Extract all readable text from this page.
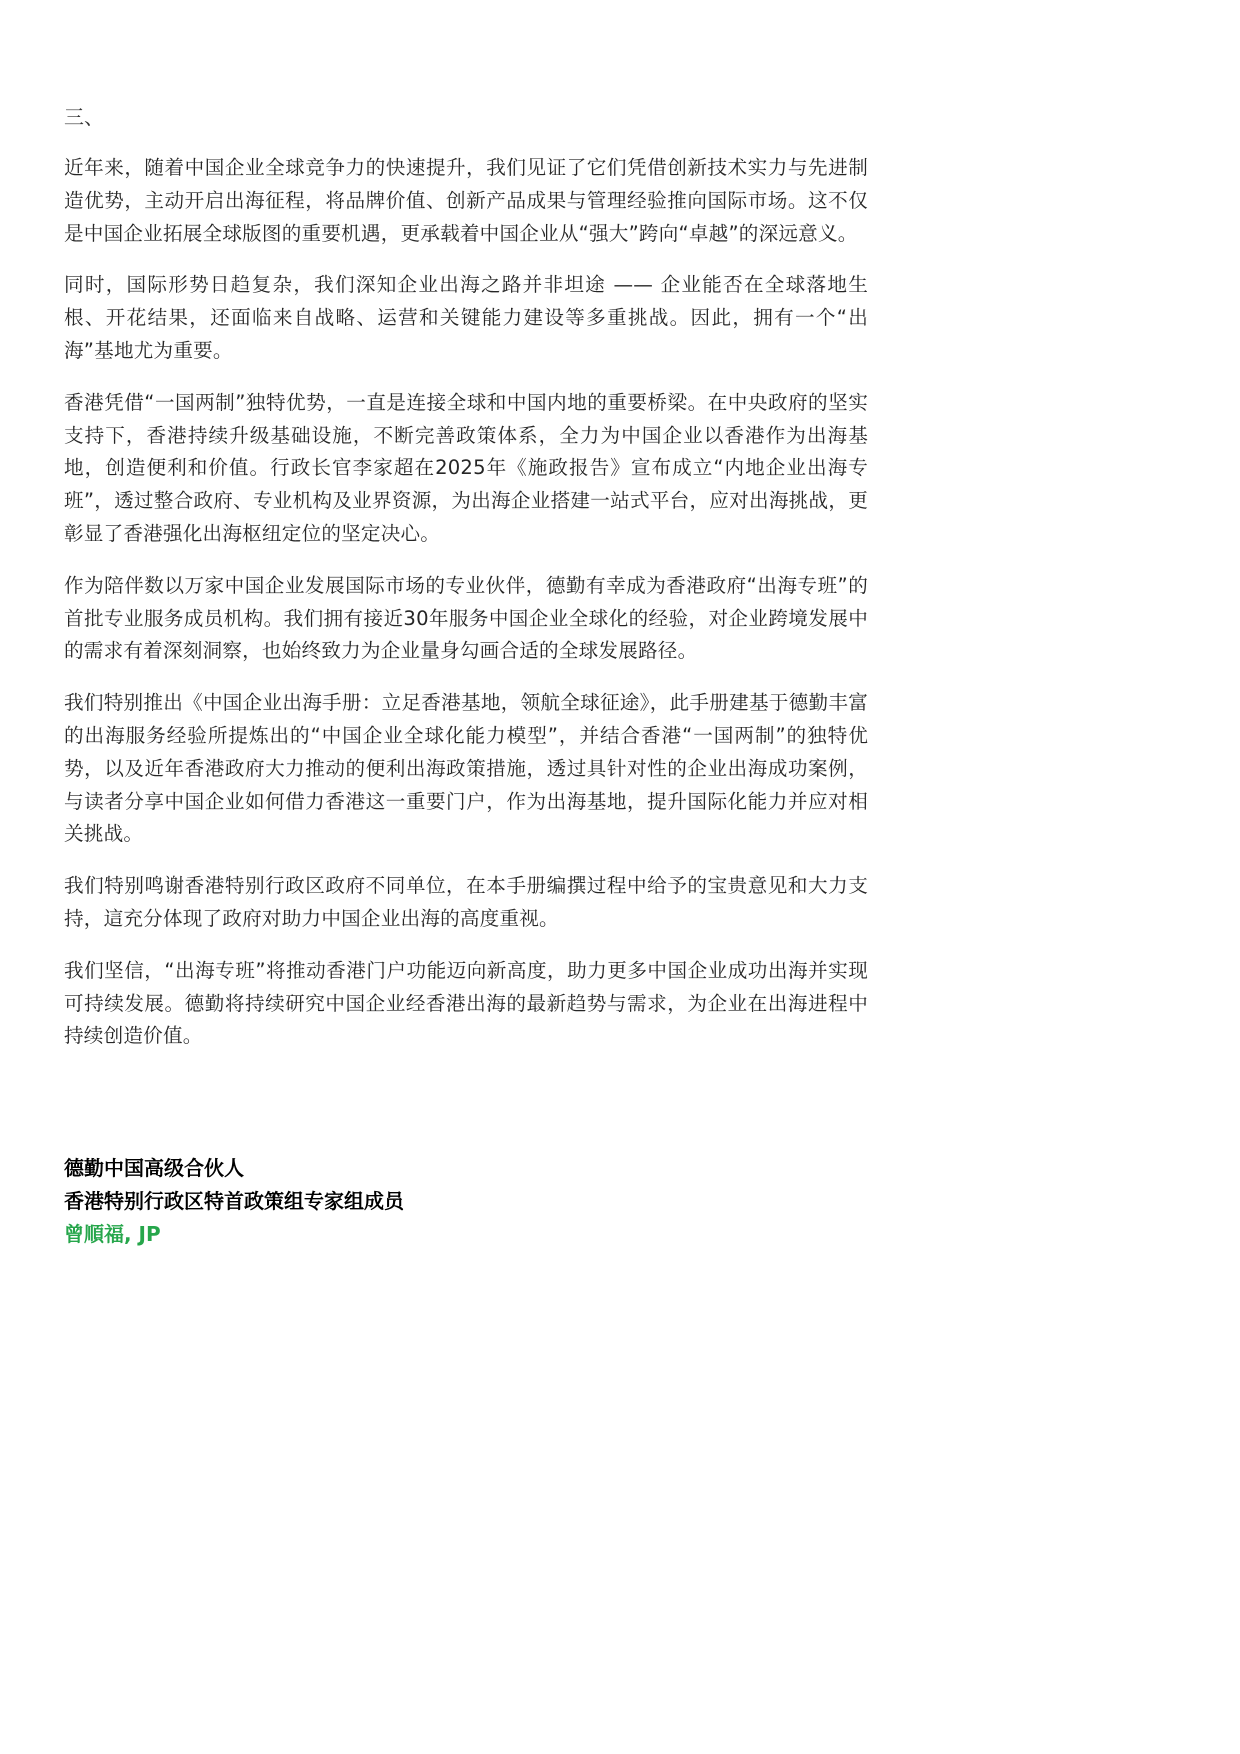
三、

近年来，随着中国企业全球竞争力的快速提升，我们见证了它们凭借创新技术实力与先进制造优势，主动开启出海征程，将品牌价值、创新产品成果与管理经验推向国际市场。这不仅是中国企业拓展全球版图的重要机遇，更承载着中国企业从“强大”跨向“卓越”的深远意义。

同时，国际形势日趋复杂，我们深知企业出海之路并非坦途 —— 企业能否在全球落地生根、开花结果，还面临来自战略、运营和关键能力建设等多重挑战。因此，拥有一个“出海”基地尤为重要。

香港凭借“一国两制”独特优势，一直是连接全球和中国内地的重要桥梁。在中央政府的坚实支持下，香港持续升级基础设施，不断完善政策体系，全力为中国企业以香港作为出海基地，创造便利和价值。行政长官李家超在2025年《施政报告》宣布成立“内地企业出海专班”，透过整合政府、专业机构及业界资源，为出海企业搭建一站式平台，应对出海挑战，更彰显了香港强化出海枢纽定位的坚定决心。

作为陪伴数以万家中国企业发展国际市场的专业伙伴，德勤有幸成为香港政府“出海专班”的首批专业服务成员机构。我们拥有接近30年服务中国企业全球化的经验，对企业跨境发展中的需求有着深刻洞察，也始终致力为企业量身勾画合适的全球发展路径。

我们特别推出《中国企业出海手册：立足香港基地，领航全球征途》，此手册建基于德勤丰富的出海服务经验所提炼出的“中国企业全球化能力模型”，并结合香港“一国两制”的独特优势，以及近年香港政府大力推动的便利出海政策措施，透过具针对性的企业出海成功案例，与读者分享中国企业如何借力香港这一重要门户，作为出海基地，提升国际化能力并应对相关挑战。

我们特别鸣谢香港特别行政区政府不同单位，在本手册编撰过程中给予的宝贵意见和大力支持，這充分体现了政府对助力中国企业出海的高度重视。

我们坚信，“出海专班”将推动香港门户功能迈向新高度，助力更多中国企业成功出海并实现可持续发展。德勤将持续研究中国企业经香港出海的最新趋势与需求，为企业在出海进程中持续创造价值。

德勤中国高级合伙人
香港特别行政区特首政策组专家组成员
曾順福, JP
